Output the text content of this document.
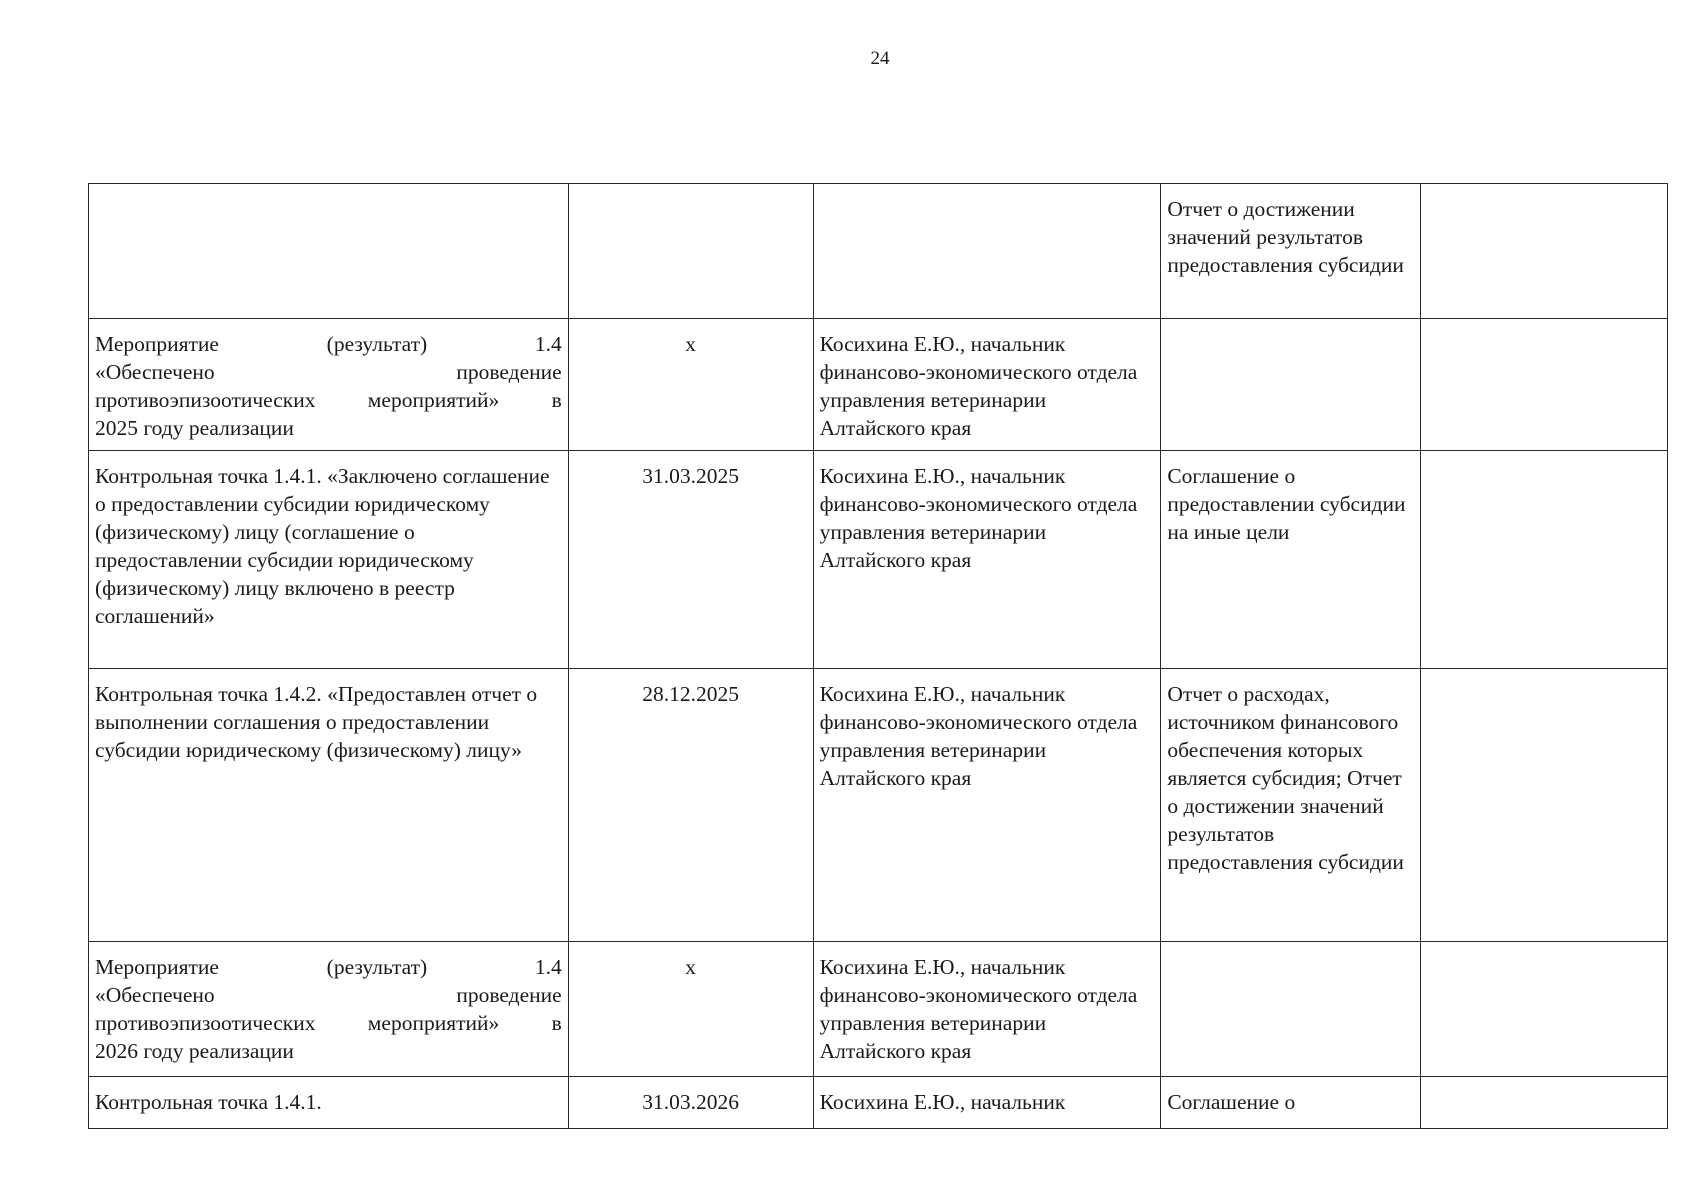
24
			Отчет о достижении значений результатов предоставления субсидии	

Мероприятие (результат) 1.4
«Обеспечено проведение
противоэпизоотических мероприятий» в
2025 году реализации	х	Косихина Е.Ю., начальник финансово-экономического отдела управления ветеринарии Алтайского края		
Контрольная точка 1.4.1. «Заключено соглашение о предоставлении субсидии юридическому (физическому) лицу (соглашение о предоставлении субсидии юридическому (физическому) лицу включено в реестр соглашений»	31.03.2025	Косихина Е.Ю., начальник финансово-экономического отдела управления ветеринарии Алтайского края	Соглашение о предоставлении субсидии на иные цели	
Контрольная точка 1.4.2. «Предоставлен отчет о выполнении соглашения о предоставлении субсидии юридическому (физическому) лицу»	28.12.2025	Косихина Е.Ю., начальник финансово-экономического отдела управления ветеринарии Алтайского края	Отчет о расходах, источником финансового обеспечения которых является субсидия; Отчет о достижении значений результатов предоставления субсидии	

Мероприятие (результат) 1.4
«Обеспечено проведение
противоэпизоотических мероприятий» в
2026 году реализации	х	Косихина Е.Ю., начальник финансово-экономического отдела управления ветеринарии Алтайского края		
Контрольная точка 1.4.1.	31.03.2026	Косихина Е.Ю., начальник	Соглашение о	
